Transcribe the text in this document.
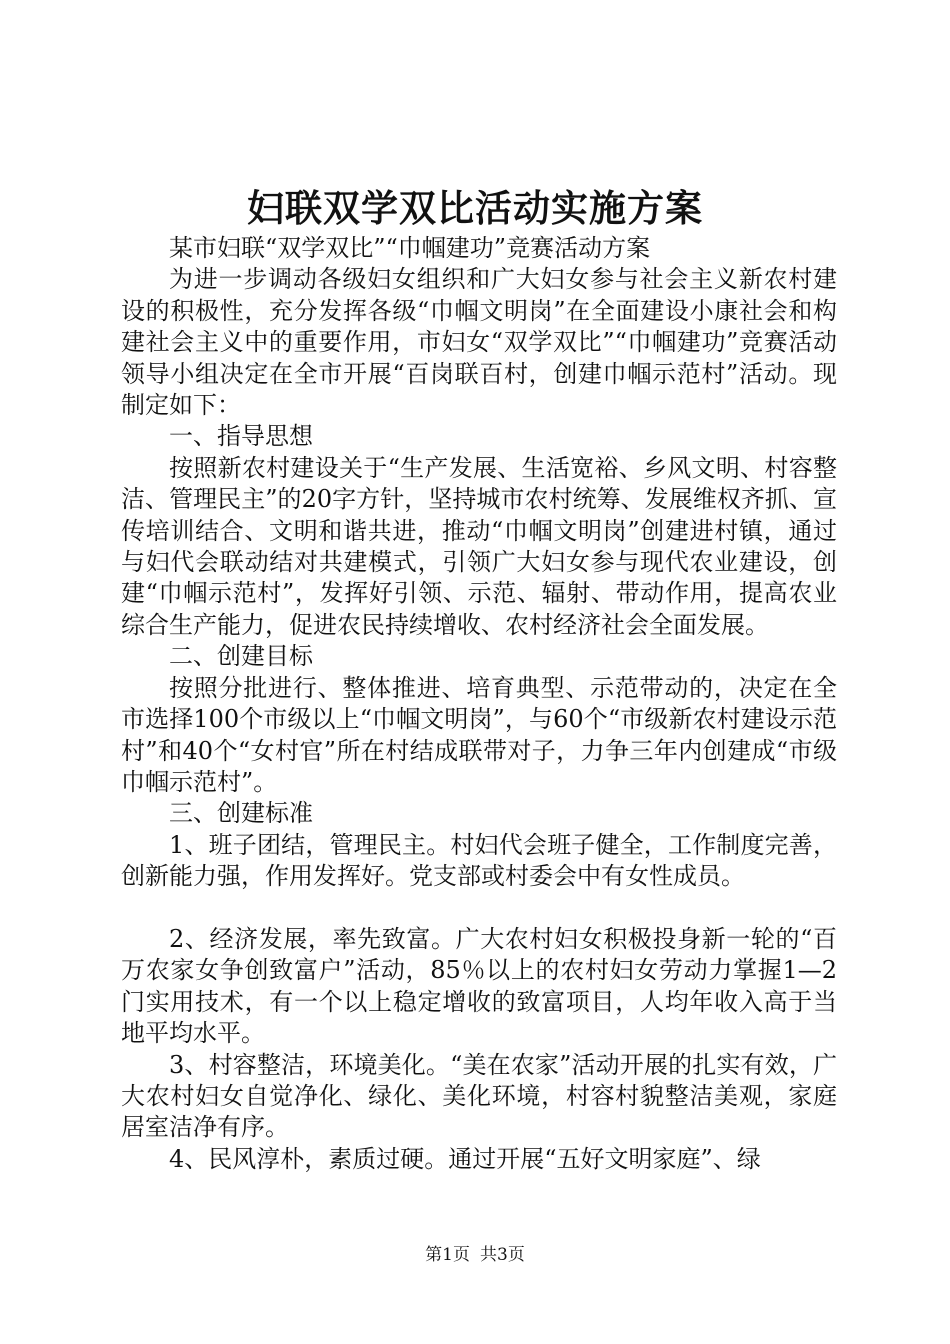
妇联双学双比活动实施方案

某市妇联“双学双比”“巾帼建功”竞赛活动方案

为进一步调动各级妇女组织和广大妇女参与社会主义新农村建设的积极性，充分发挥各级“巾帼文明岗”在全面建设小康社会和构建社会主义中的重要作用，市妇女“双学双比”“巾帼建功”竞赛活动领导小组决定在全市开展“百岗联百村，创建巾帼示范村”活动。现制定如下：

一、指导思想

按照新农村建设关于“生产发展、生活宽裕、乡风文明、村容整洁、管理民主”的20字方针，坚持城市农村统筹、发展维权齐抓、宣传培训结合、文明和谐共进，推动“巾帼文明岗”创建进村镇，通过与妇代会联动结对共建模式，引领广大妇女参与现代农业建设，创建“巾帼示范村”，发挥好引领、示范、辐射、带动作用，提高农业综合生产能力，促进农民持续增收、农村经济社会全面发展。

二、创建目标

按照分批进行、整体推进、培育典型、示范带动的，决定在全市选择100个市级以上“巾帼文明岗”，与60个“市级新农村建设示范村”和40个“女村官”所在村结成联带对子，力争三年内创建成“市级巾帼示范村”。

三、创建标准

1、班子团结，管理民主。村妇代会班子健全，工作制度完善，创新能力强，作用发挥好。党支部或村委会中有女性成员。

2、经济发展，率先致富。广大农村妇女积极投身新一轮的“百万农家女争创致富户”活动，85％以上的农村妇女劳动力掌握1—2门实用技术，有一个以上稳定增收的致富项目，人均年收入高于当地平均水平。

3、村容整洁，环境美化。“美在农家”活动开展的扎实有效，广大农村妇女自觉净化、绿化、美化环境，村容村貌整洁美观，家庭居室洁净有序。

4、民风淳朴，素质过硬。通过开展“五好文明家庭”、绿

第1页 共3页
